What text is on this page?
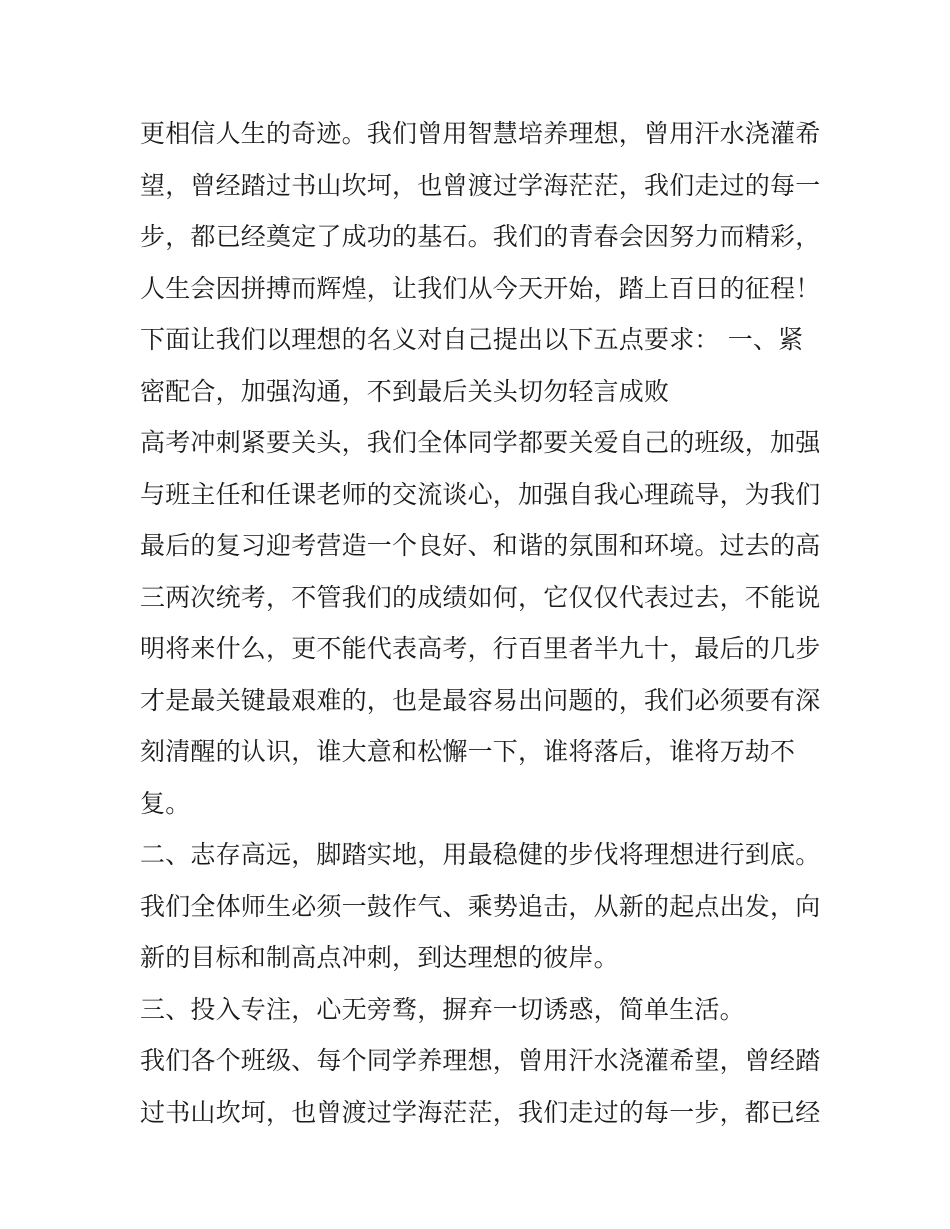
更相信人生的奇迹。我们曾用智慧培养理想，曾用汗水浇灌希
望，曾经踏过书山坎坷，也曾渡过学海茫茫，我们走过的每一
步，都已经奠定了成功的基石。我们的青春会因努力而精彩，
人生会因拼搏而辉煌，让我们从今天开始，踏上百日的征程！
下面让我们以理想的名义对自己提出以下五点要求： 一、紧
密配合，加强沟通，不到最后关头切勿轻言成败
高考冲刺紧要关头，我们全体同学都要关爱自己的班级，加强
与班主任和任课老师的交流谈心，加强自我心理疏导，为我们
最后的复习迎考营造一个良好、和谐的氛围和环境。过去的高
三两次统考，不管我们的成绩如何，它仅仅代表过去，不能说
明将来什么，更不能代表高考，行百里者半九十，最后的几步
才是最关键最艰难的，也是最容易出问题的，我们必须要有深
刻清醒的认识，谁大意和松懈一下，谁将落后，谁将万劫不
复。
二、志存高远，脚踏实地，用最稳健的步伐将理想进行到底。
我们全体师生必须一鼓作气、乘势追击，从新的起点出发，向
新的目标和制高点冲刺，到达理想的彼岸。
三、投入专注，心无旁骛，摒弃一切诱惑，简单生活。
我们各个班级、每个同学养理想，曾用汗水浇灌希望，曾经踏
过书山坎坷，也曾渡过学海茫茫，我们走过的每一步，都已经
